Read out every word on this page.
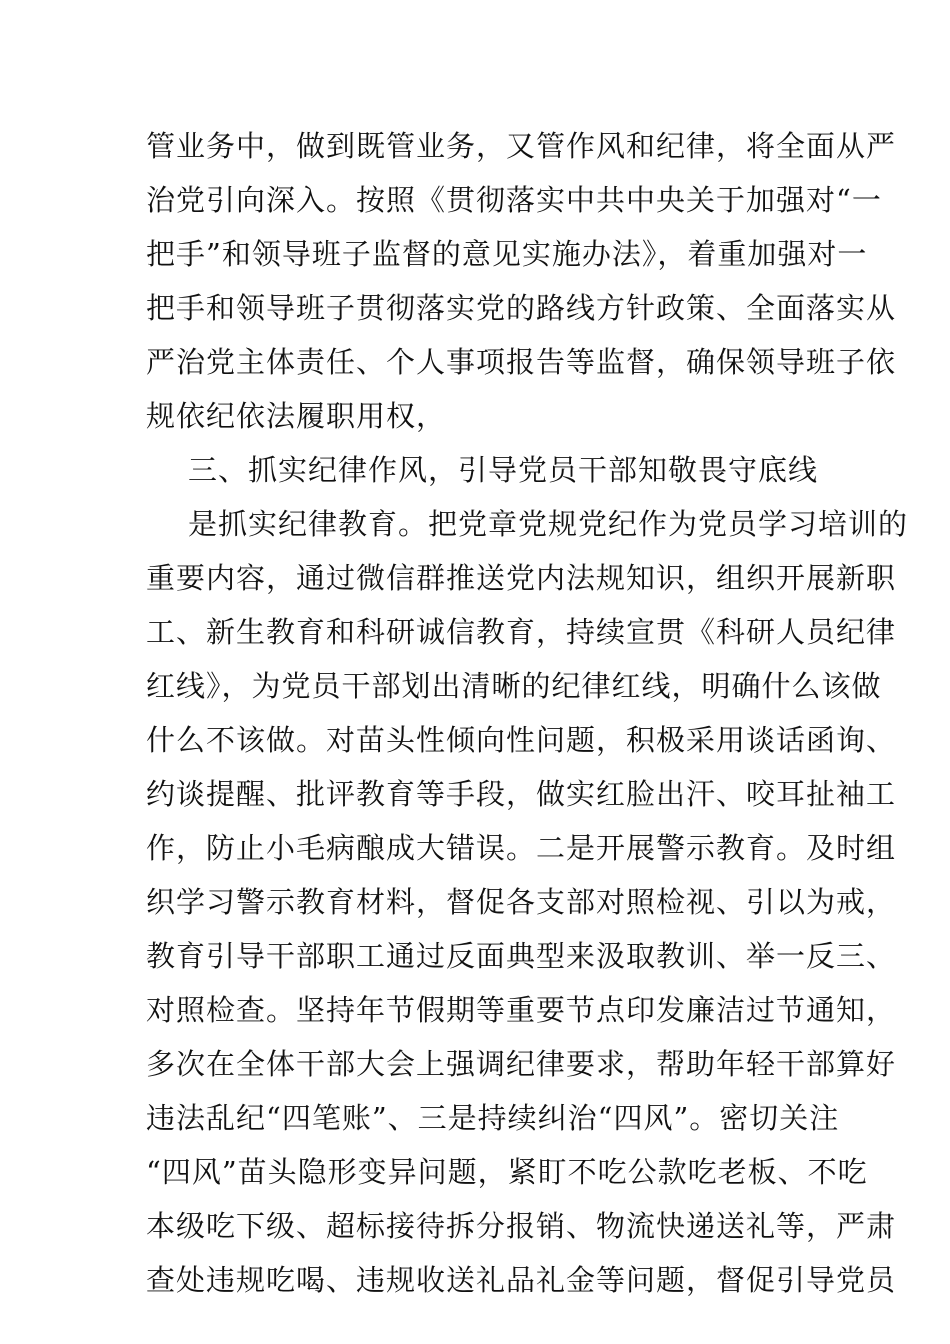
管业务中，做到既管业务，又管作风和纪律，将全面从严
治党引向深入。按照《贯彻落实中共中央关于加强对“一
把手”和领导班子监督的意见实施办法》，着重加强对一
把手和领导班子贯彻落实党的路线方针政策、全面落实从
严治党主体责任、个人事项报告等监督，确保领导班子依
规依纪依法履职用权，
三、抓实纪律作风，引导党员干部知敬畏守底线
是抓实纪律教育。把党章党规党纪作为党员学习培训的
重要内容，通过微信群推送党内法规知识，组织开展新职
工、新生教育和科研诚信教育，持续宣贯《科研人员纪律
红线》，为党员干部划出清晰的纪律红线，明确什么该做
什么不该做。对苗头性倾向性问题，积极采用谈话函询、
约谈提醒、批评教育等手段，做实红脸出汗、咬耳扯袖工
作，防止小毛病酿成大错误。二是开展警示教育。及时组
织学习警示教育材料，督促各支部对照检视、引以为戒，
教育引导干部职工通过反面典型来汲取教训、举一反三、
对照检查。坚持年节假期等重要节点印发廉洁过节通知，
多次在全体干部大会上强调纪律要求，帮助年轻干部算好
违法乱纪“四笔账”、三是持续纠治“四风”。密切关注
“四风”苗头隐形变异问题，紧盯不吃公款吃老板、不吃
本级吃下级、超标接待拆分报销、物流快递送礼等，严肃
查处违规吃喝、违规收送礼品礼金等问题，督促引导党员
